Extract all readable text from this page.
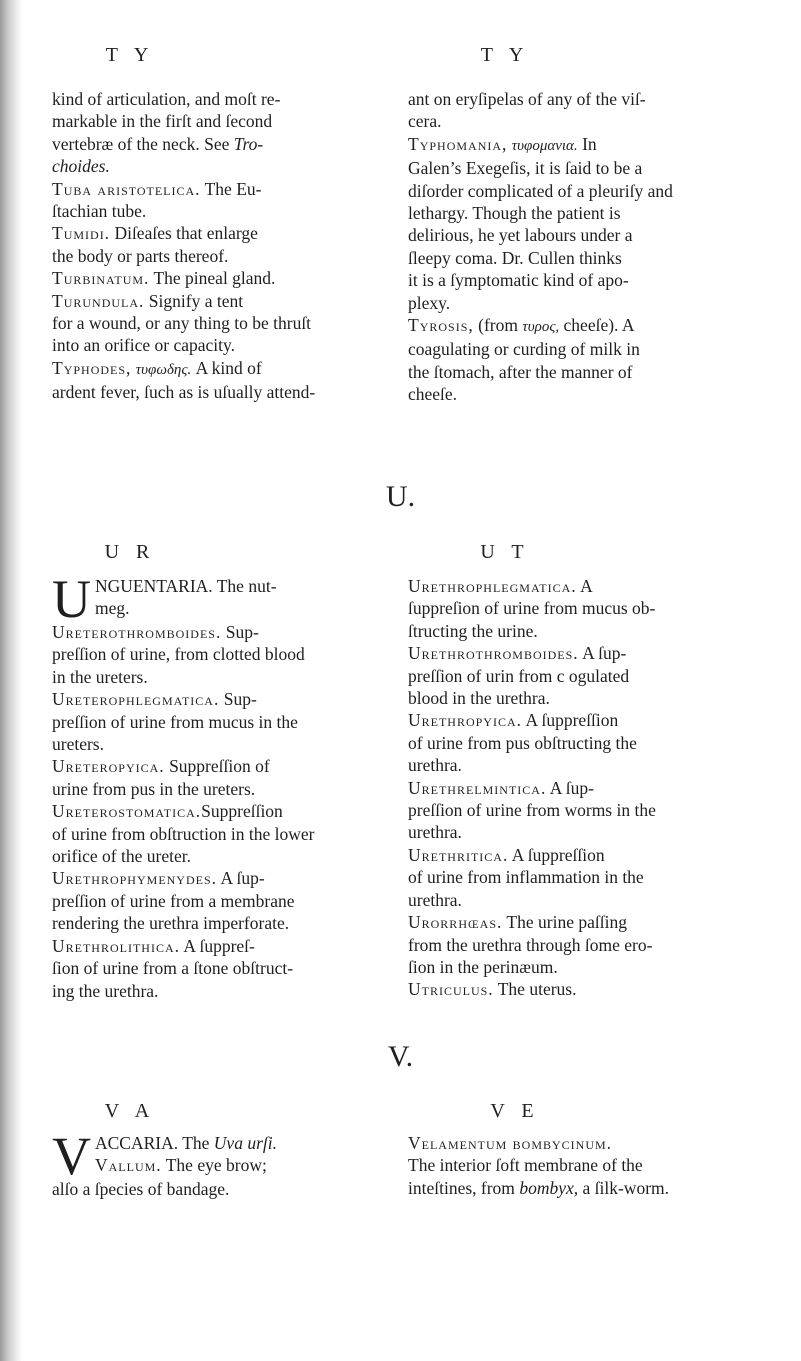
T Y	T Y

kind of articulation, and moſt re-

markable in the firſt and ſecond

vertebræ of the neck. See Tro-

choides.

Tuba aristotelica. The Eu-

ſtachian tube.

Tumidi. Diſeaſes that enlarge

the body or parts thereof.

Turbinatum. The pineal gland.

Turundula. Signify a tent

for a wound, or any thing to be thruſt

into an orifice or capacity.

Typhodes, τυφωδης. A kind of

ardent fever, ſuch as is uſually attend-

ant on eryſipelas of any of the viſ-

cera.

Typhomania, τυφομανια. In

Galen’s Exegeſis, it is ſaid to be a

diſorder complicated of a pleuriſy and

lethargy. Though the patient is

delirious, he yet labours under a

ſleepy coma. Dr. Cullen thinks

it is a ſymptomatic kind of apo-

plexy.

Tyrosis, (from τυρος, cheeſe). A

coagulating or curding of milk in

the ſtomach, after the manner of

cheeſe.

U.
U R	U T

UNGUENTARIA. The nut-
meg.

Ureterothromboides. Sup-

preſſion of urine, from clotted blood

in the ureters.

Ureterophlegmatica. Sup-

preſſion of urine from mucus in the

ureters.

Ureteropyica. Suppreſſion of

urine from pus in the ureters.

Ureterostomatica.Suppreſſion

of urine from obſtruction in the lower

orifice of the ureter.

Urethrophymenydes. A ſup-

preſſion of urine from a membrane

rendering the urethra imperforate.

Urethrolithica. A ſuppreſ-

ſion of urine from a ſtone obſtruct-

ing the urethra.

Urethrophlegmatica. A

ſuppreſion of urine from mucus ob-

ſtructing the urine.

Urethrothromboides. A ſup-

preſſion of urin from c ogulated

blood in the urethra.

Urethropyica. A ſuppreſſion

of urine from pus obſtructing the

urethra.

Urethrelmintica. A ſup-

preſſion of urine from worms in the

urethra.

Urethritica. A ſuppreſſion

of urine from inflammation in the

urethra.

Urorrhœas. The urine paſſing

from the urethra through ſome ero-

ſion in the perinæum.

Utriculus. The uterus.

V.
V A	V E

VACCARIA. The Uva urſi.
Vallum. The eye brow;

alſo a ſpecies of bandage.

Velamentum bombycinum.

The interior ſoft membrane of the

inteſtines, from bombyx, a ſilk-worm.
